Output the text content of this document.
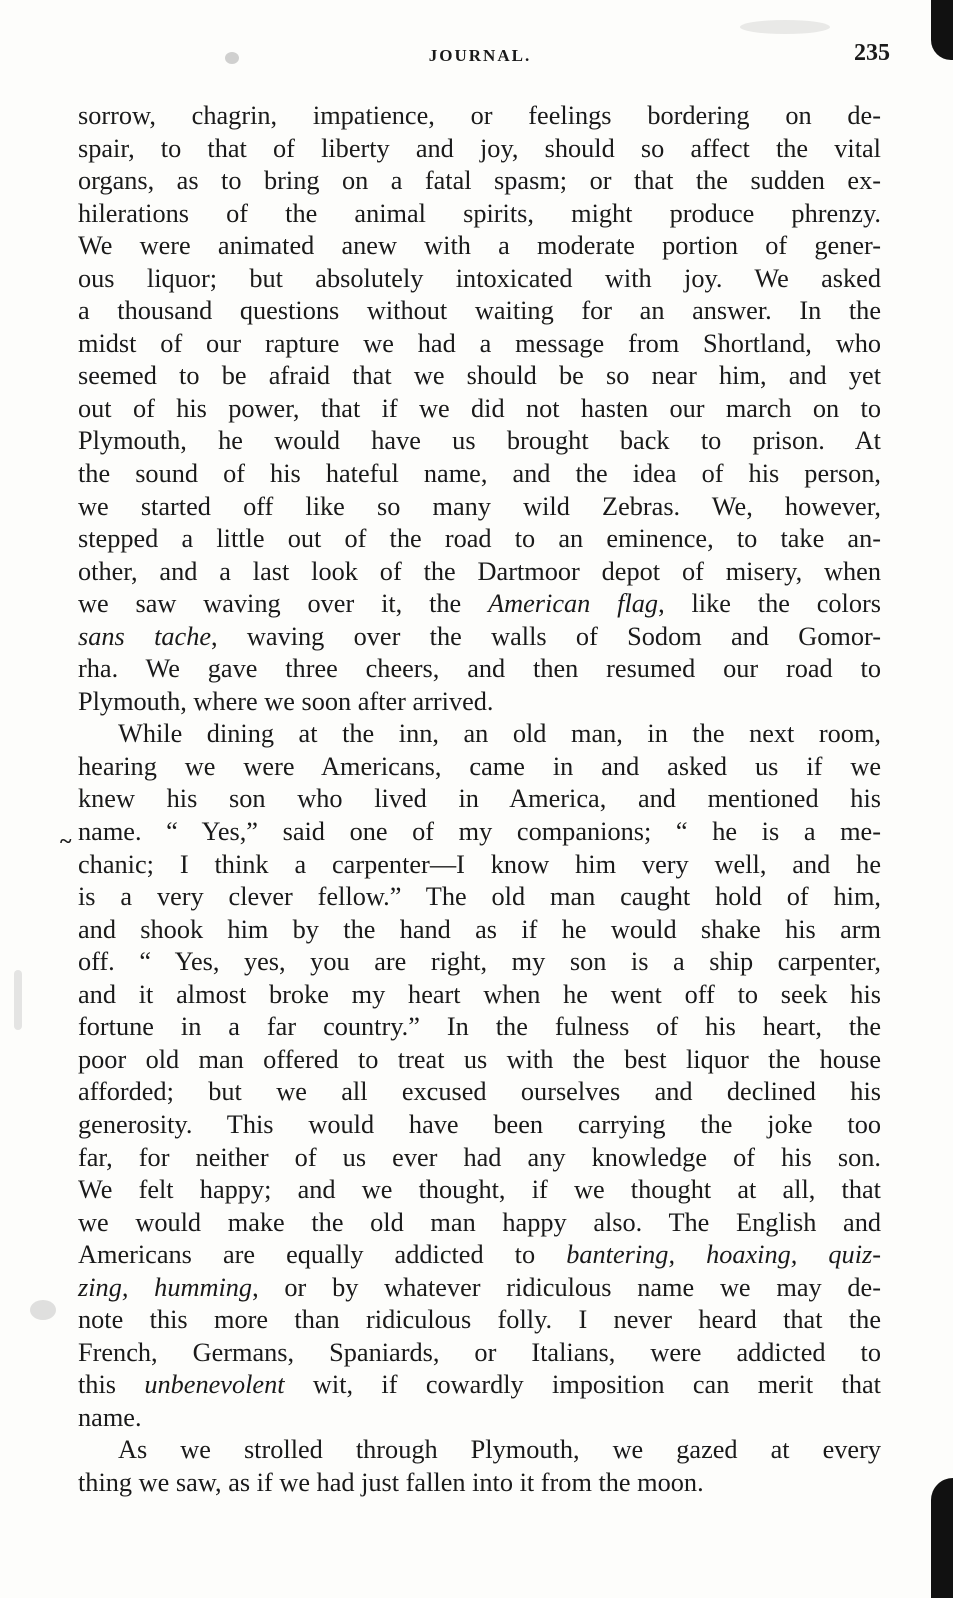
JOURNAL.	235
~
sorrow, chagrin, impatience, or feelings bordering on de-
spair, to that of liberty and joy, should so affect the vital
organs, as to bring on a fatal spasm; or that the sudden ex-
hilerations of the animal spirits, might produce phrenzy.
We were animated anew with a moderate portion of gener-
ous liquor; but absolutely intoxicated with joy. We asked
a thousand questions without waiting for an answer. In the
midst of our rapture we had a message from Shortland, who
seemed to be afraid that we should be so near him, and yet
out of his power, that if we did not hasten our march on to
Plymouth, he would have us brought back to prison. At
the sound of his hateful name, and the idea of his person,
we started off like so many wild Zebras. We, however,
stepped a little out of the road to an eminence, to take an-
other, and a last look of the Dartmoor depot of misery, when
we saw waving over it, the American flag, like the colors
sans tache, waving over the walls of Sodom and Gomor-
rha. We gave three cheers, and then resumed our road to
Plymouth, where we soon after arrived.
While dining at the inn, an old man, in the next room,
hearing we were Americans, came in and asked us if we
knew his son who lived in America, and mentioned his
name. “ Yes,” said one of my companions; “ he is a me-
chanic; I think a carpenter—I know him very well, and he
is a very clever fellow.” The old man caught hold of him,
and shook him by the hand as if he would shake his arm
off. “ Yes, yes, you are right, my son is a ship carpenter,
and it almost broke my heart when he went off to seek his
fortune in a far country.” In the fulness of his heart, the
poor old man offered to treat us with the best liquor the house
afforded; but we all excused ourselves and declined his
generosity. This would have been carrying the joke too
far, for neither of us ever had any knowledge of his son.
We felt happy; and we thought, if we thought at all, that
we would make the old man happy also. The English and
Americans are equally addicted to bantering, hoaxing, quiz-
zing, humming, or by whatever ridiculous name we may de-
note this more than ridiculous folly. I never heard that the
French, Germans, Spaniards, or Italians, were addicted to
this unbenevolent wit, if cowardly imposition can merit that
name.
As we strolled through Plymouth, we gazed at every
thing we saw, as if we had just fallen into it from the moon.
